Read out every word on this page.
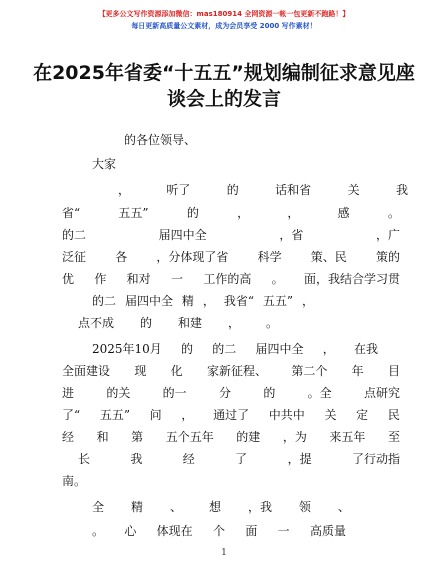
【更多公文写作资源添加微信：mas180914 全网资源一帐一包更新不跑路！】
每日更新高质量公文素材，成为会员享受 2000 写作素材！
在2025年省委“十五五”规划编制征求意见座
谈会上的发言
的各位领导、
大家
，	听了	的	话和省	关	我
省“	五五”	的	，	，	感	。
的二	届四中全	，省	，广
泛征 各 ，分体现了省 科学 策、民 策的
优 作 和对 一 工作的高 。 面，我结合学习贯
的二 届四中全 精 ， 我省“ 五五” ，
点不成 的 和建 ， 。
2025年10月 的 的二 届四中全 ， 在我
全面建设 现 化 家新征程、 第二个 年 目
进	的关	的一	分	的	。全	点研究
了“ 五五” 问 ， 通过了 中共中 关 定 民
经 和 第 五个五年 的建 ，为 来五年 至
长	我	经	了	，提	了行动指
南。
全 精 、 想 ，我 领 、
。 心 体现在 个 面 一 高质量
1
